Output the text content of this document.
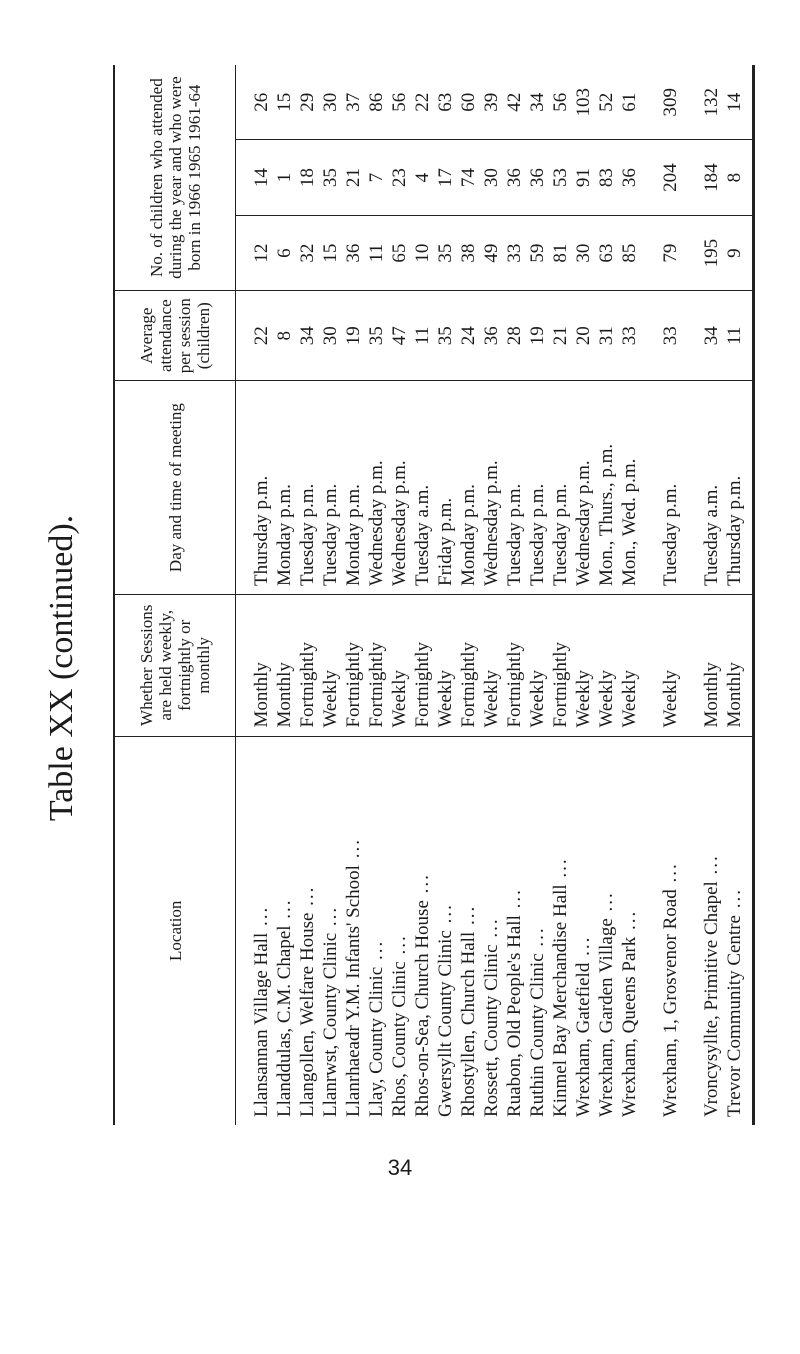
Table XX (continued).
Location	Whether Sessions are held weekly, fortnightly or monthly	Day and time of meeting	Average attendance per session (children)	No. of children who attended during the year and who were born in 1966 1965 1961-64		
Llansannan Village Hall ...	Monthly	Thursday p.m.	22	12	14	26
Llanddulas, C.M. Chapel ...	Monthly	Monday p.m.	8	6	1	15
Llangollen, Welfare House ...	Fortnightly	Tuesday p.m.	34	32	18	29
Llanrwst, County Clinic ...	Weekly	Tuesday p.m.	30	15	35	30
Llanrhaeadr Y.M. Infants' School ...	Fortnightly	Monday p.m.	19	36	21	37
Llay, County Clinic ...	Fortnightly	Wednesday p.m.	35	11	7	86
Rhos, County Clinic ...	Weekly	Wednesday p.m.	47	65	23	56
Rhos-on-Sea, Church House ...	Fortnightly	Tuesday a.m.	11	10	4	22
Gwersyllt County Clinic ...	Weekly	Friday p.m.	35	35	17	63
Rhostyllen, Church Hall ...	Fortnightly	Monday p.m.	24	38	74	60
Rossett, County Clinic ...	Weekly	Wednesday p.m.	36	49	30	39
Ruabon, Old People's Hall ...	Fortnightly	Tuesday p.m.	28	33	36	42
Ruthin County Clinic ...	Weekly	Tuesday p.m.	19	59	36	34
Kinmel Bay Merchandise Hall ...	Fortnightly	Tuesday p.m.	21	81	53	56
Wrexham, Gatefield ...	Weekly	Wednesday p.m.	20	30	91	103
Wrexham, Garden Village ...	Weekly	Mon., Thurs., p.m.	31	63	83	52
Wrexham, Queens Park ...	Weekly	Mon., Wed. p.m.	33	85	36	61
Wrexham, 1, Grosvenor Road ...	Weekly	Tuesday p.m.	33	79	204	309
Vroncysyllte, Primitive Chapel ...	Monthly	Tuesday a.m.	34	195	184	132
Trevor Community Centre ...	Monthly	Thursday p.m.	11	9	8	14
34
